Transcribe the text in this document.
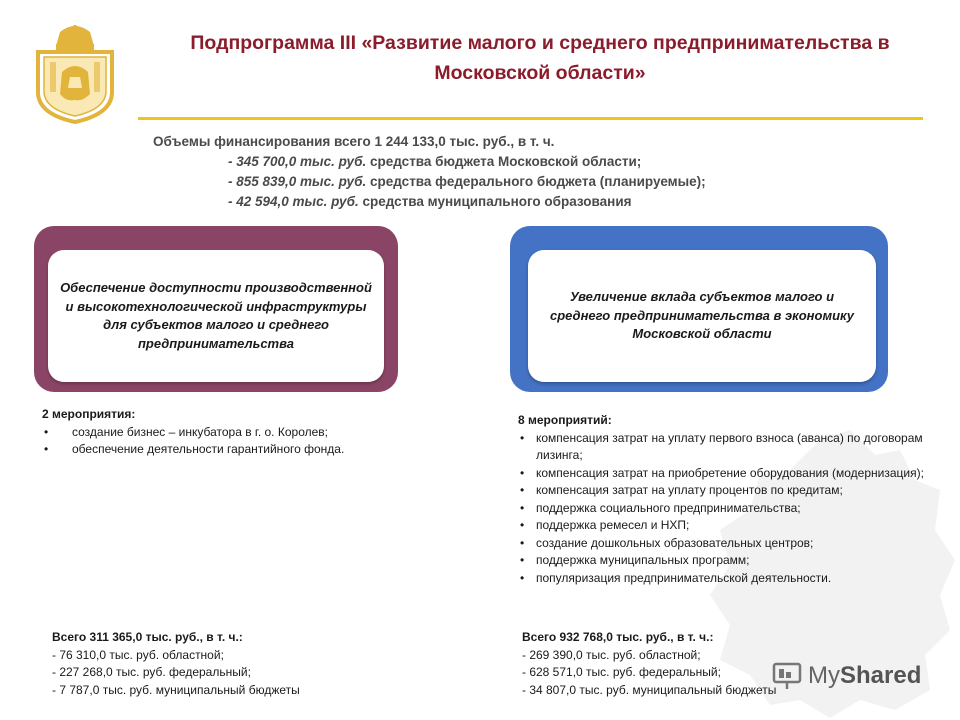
Подпрограмма III «Развитие малого и среднего предпринимательства в
Московской области»
Объемы финансирования всего 1 244 133,0 тыс. руб., в т. ч.
- 345 700,0 тыс. руб. средства бюджета Московской области;
- 855 839,0 тыс. руб. средства федерального бюджета (планируемые);
- 42 594,0 тыс. руб. средства муниципального образования
Обеспечение доступности производственной и высокотехнологической инфраструктуры для субъектов малого и среднего предпринимательства
Увеличение вклада субъектов малого и среднего предпринимательства в экономику Московской области
2 мероприятия:
• создание бизнес – инкубатора в г. о. Королев;
• обеспечение деятельности гарантийного фонда.
8 мероприятий:
• компенсация затрат на уплату первого взноса (аванса) по договорам лизинга;
• компенсация затрат на приобретение оборудования (модернизация);
• компенсация затрат на уплату процентов по кредитам;
• поддержка социального предпринимательства;
• поддержка ремесел и НХП;
• создание дошкольных образовательных центров;
• поддержка муниципальных программ;
• популяризация предпринимательской деятельности.
Всего 311 365,0 тыс. руб., в т. ч.:
- 76 310,0 тыс. руб. областной;
- 227 268,0 тыс. руб. федеральный;
- 7 787,0 тыс. руб. муниципальный бюджеты
Всего 932 768,0 тыс. руб., в т. ч.:
- 269 390,0 тыс. руб. областной;
- 628 571,0 тыс. руб. федеральный;
- 34 807,0 тыс. руб. муниципальный бюджеты
MyShared
